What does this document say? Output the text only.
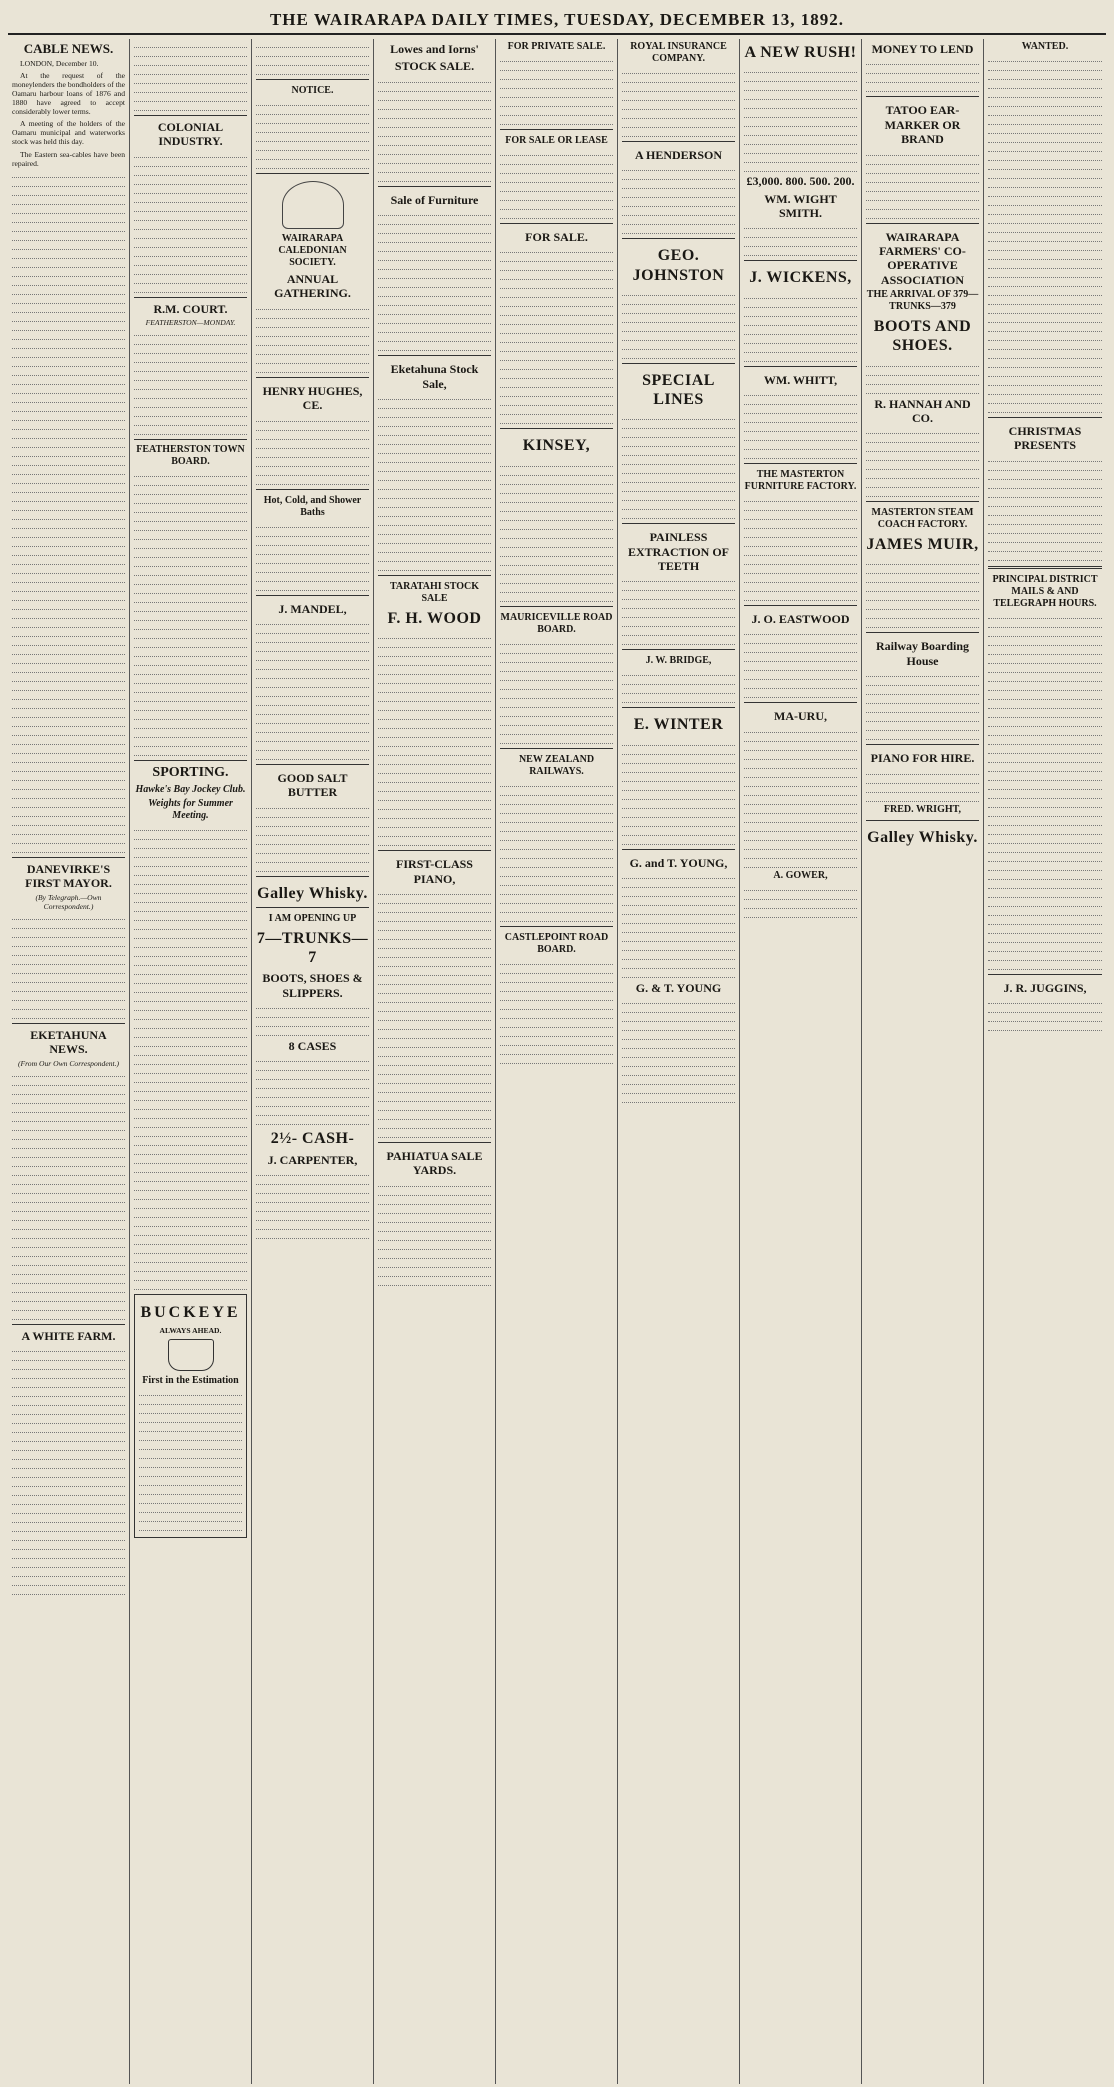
THE WAIRARAPA DAILY TIMES, TUESDAY, DECEMBER 13, 1892.
CABLE NEWS.

LONDON, December 10.

At the request of the moneylenders the bondholders of the Oamaru harbour loans of 1876 and 1880 have agreed to accept considerably lower terms.

A meeting of the holders of the Oamaru municipal and waterworks stock was held this day.

The Eastern sea-cables have been repaired.

DANEVIRKE'S FIRST MAYOR.
(By Telegraph.—Own Correspondent.)
EKETAHUNA NEWS.
(From Our Own Correspondent.)
A WHITE FARM.
COLONIAL INDUSTRY.
R.M. COURT.
FEATHERSTON—MONDAY.
FEATHERSTON TOWN BOARD.
SPORTING.
Hawke's Bay Jockey Club.
Weights for Summer Meeting.
BUCKEYE
ALWAYS AHEAD.
First in the Estimation
NOTICE.
WAIRARAPA CALEDONIAN SOCIETY.
ANNUAL GATHERING.
HENRY HUGHES, CE.
Hot, Cold, and Shower Baths
J. MANDEL,
GOOD SALT BUTTER
Galley Whisky.
I AM OPENING UP
7—TRUNKS—7
BOOTS, SHOES & SLIPPERS.
8 CASES
2½- CASH-
J. CARPENTER,
Lowes and Iorns'
STOCK SALE.
Sale of Furniture
Eketahuna Stock Sale,
TARATAHI STOCK SALE
F. H. WOOD
FIRST-CLASS PIANO,
PAHIATUA SALE YARDS.
FOR PRIVATE SALE.
FOR SALE OR LEASE
FOR SALE.
KINSEY,
MAURICEVILLE ROAD BOARD.
NEW ZEALAND RAILWAYS.
CASTLEPOINT ROAD BOARD.
ROYAL INSURANCE COMPANY.
A HENDERSON
GEO. JOHNSTON
SPECIAL LINES
PAINLESS EXTRACTION OF TEETH
J. W. BRIDGE,
E. WINTER
G. and T. YOUNG,
G. & T. YOUNG
A NEW RUSH!
£3,000. 800. 500. 200.
WM. WIGHT SMITH.
J. WICKENS,
WM. WHITT,
THE MASTERTON FURNITURE FACTORY.
J. O. EASTWOOD
MA-URU,
A. GOWER,
MONEY TO LEND
TATOO EAR-MARKER OR BRAND
WAIRARAPA FARMERS' CO-OPERATIVE ASSOCIATION
THE ARRIVAL OF 379—TRUNKS—379
BOOTS AND SHOES.
R. HANNAH AND CO.
MASTERTON STEAM COACH FACTORY.
JAMES MUIR,
Railway Boarding House
PIANO FOR HIRE.
FRED. WRIGHT,
Galley Whisky.
WANTED.
CHRISTMAS PRESENTS
PRINCIPAL DISTRICT MAILS & AND TELEGRAPH HOURS.
J. R. JUGGINS,
